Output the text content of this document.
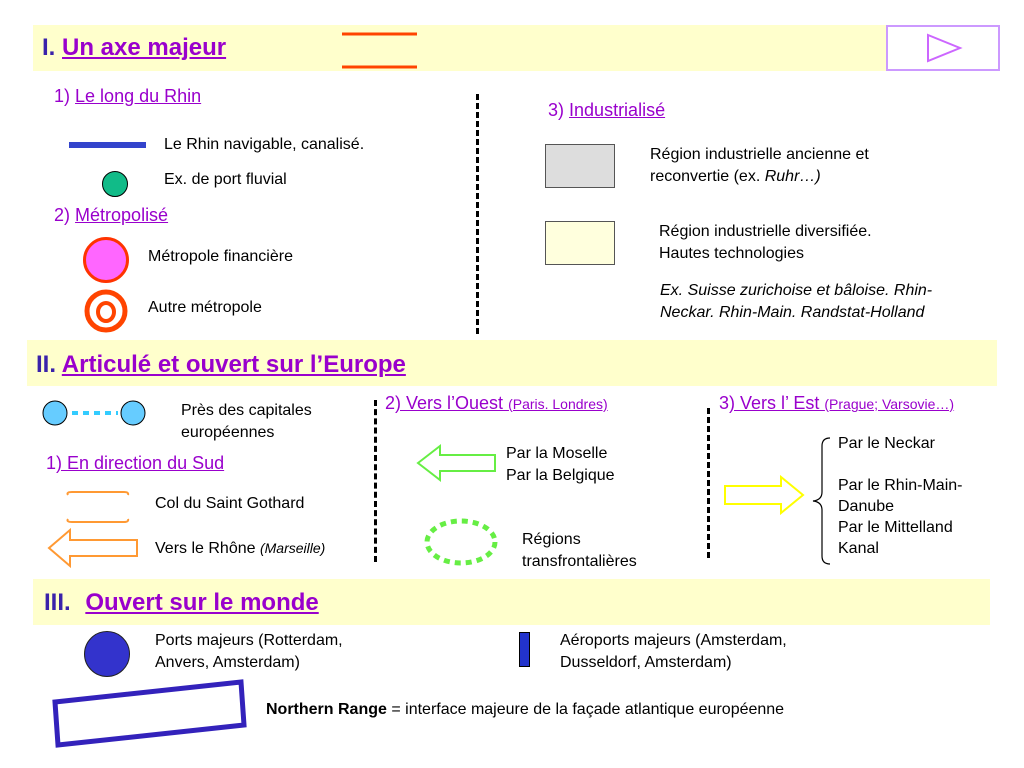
I. Un axe majeur
1) Le long du Rhin
Le Rhin navigable, canalisé.
Ex. de port fluvial
2) Métropolisé
Métropole financière
Autre métropole
3) Industrialisé
Région industrielle ancienne et
reconvertie (ex. Ruhr…)
Région industrielle diversifiée.
Hautes technologies
Ex. Suisse zurichoise et bâloise. Rhin-
Neckar. Rhin-Main. Randstat-Holland
II. Articulé et ouvert sur l’Europe
Près des capitales
européennes
1) En direction du Sud
Col du Saint Gothard
Vers le Rhône (Marseille)
2) Vers l’Ouest (Paris. Londres)
Par la Moselle
Par la Belgique
Régions
transfrontalières
3) Vers l’ Est (Prague; Varsovie…)
Par le Neckar

Par le Rhin-Main-
Danube
Par le Mittelland
Kanal
III. Ouvert sur le monde
Ports majeurs (Rotterdam,
Anvers, Amsterdam)
Aéroports majeurs (Amsterdam,
Dusseldorf, Amsterdam)
Northern Range = interface majeure de la façade atlantique européenne
